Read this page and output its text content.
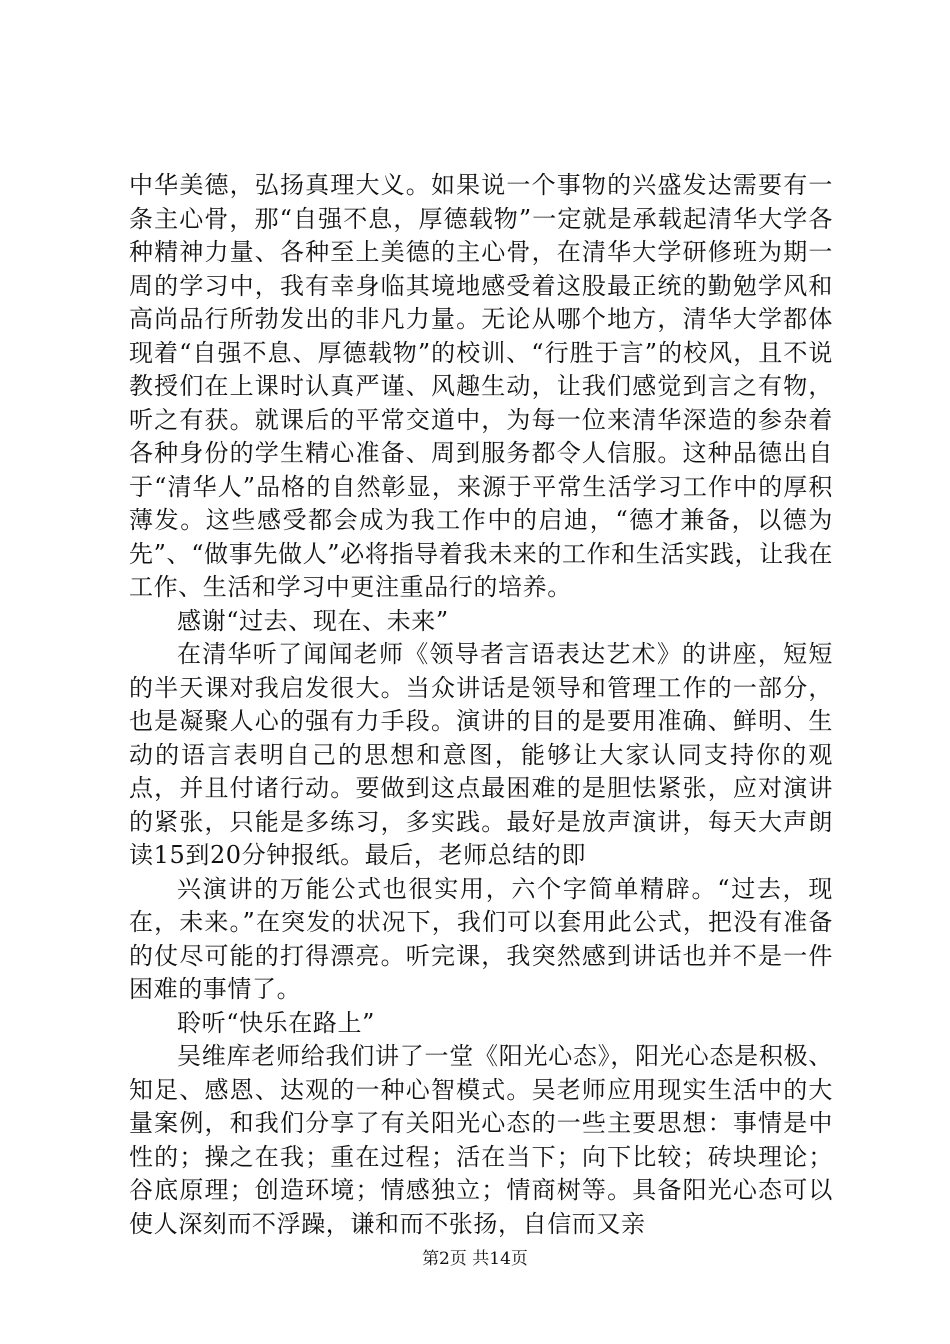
中华美德，弘扬真理大义。如果说一个事物的兴盛发达需要有一条主心骨，那“自强不息，厚德载物”一定就是承载起清华大学各种精神力量、各种至上美德的主心骨，在清华大学研修班为期一周的学习中，我有幸身临其境地感受着这股最正统的勤勉学风和高尚品行所勃发出的非凡力量。无论从哪个地方，清华大学都体现着“自强不息、厚德载物”的校训、“行胜于言”的校风，且不说教授们在上课时认真严谨、风趣生动，让我们感觉到言之有物，听之有获。就课后的平常交道中，为每一位来清华深造的参杂着各种身份的学生精心准备、周到服务都令人信服。这种品德出自于“清华人”品格的自然彰显，来源于平常生活学习工作中的厚积薄发。这些感受都会成为我工作中的启迪，“德才兼备，以德为先”、“做事先做人”必将指导着我未来的工作和生活实践，让我在工作、生活和学习中更注重品行的培养。

感谢“过去、现在、未来”

在清华听了闻闻老师《领导者言语表达艺术》的讲座，短短的半天课对我启发很大。当众讲话是领导和管理工作的一部分，也是凝聚人心的强有力手段。演讲的目的是要用准确、鲜明、生动的语言表明自己的思想和意图，能够让大家认同支持你的观点，并且付诸行动。要做到这点最困难的是胆怯紧张，应对演讲的紧张，只能是多练习，多实践。最好是放声演讲，每天大声朗读15到20分钟报纸。最后，老师总结的即

兴演讲的万能公式也很实用，六个字简单精辟。“过去，现在，未来。”在突发的状况下，我们可以套用此公式，把没有准备的仗尽可能的打得漂亮。听完课，我突然感到讲话也并不是一件困难的事情了。

聆听“快乐在路上”

吴维库老师给我们讲了一堂《阳光心态》，阳光心态是积极、知足、感恩、达观的一种心智模式。吴老师应用现实生活中的大量案例，和我们分享了有关阳光心态的一些主要思想：事情是中性的；操之在我；重在过程；活在当下；向下比较；砖块理论；谷底原理；创造环境；情感独立；情商树等。具备阳光心态可以使人深刻而不浮躁，谦和而不张扬，自信而又亲

第2页 共14页
